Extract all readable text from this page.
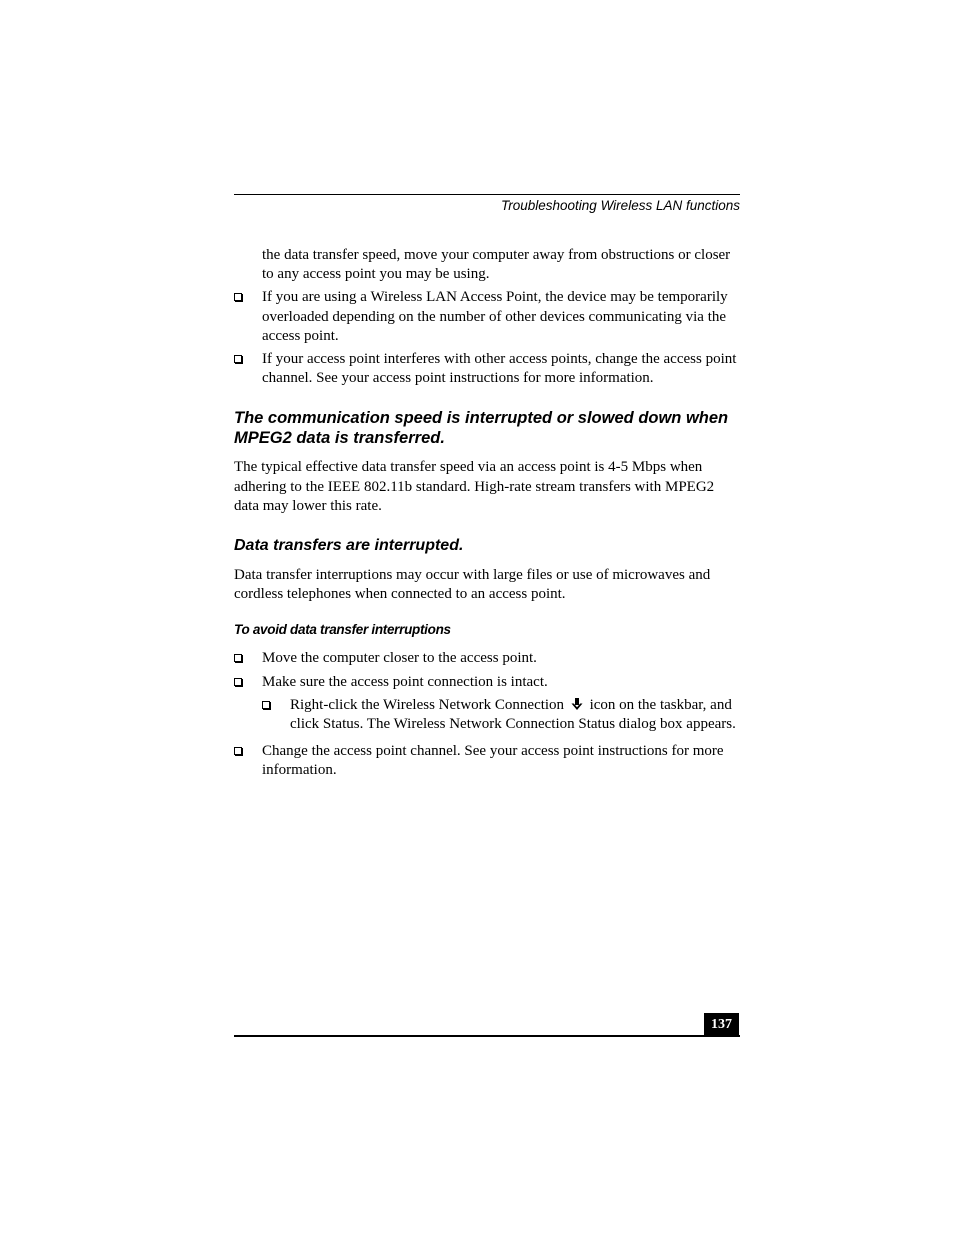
Troubleshooting Wireless LAN functions

the data transfer speed, move your computer away from obstructions or closer to any access point you may be using.

If you are using a Wireless LAN Access Point, the device may be temporarily overloaded depending on the number of other devices communicating via the access point.
If your access point interferes with other access points, change the access point channel. See your access point instructions for more information.
The communication speed is interrupted or slowed down when MPEG2 data is transferred.

The typical effective data transfer speed via an access point is 4-5 Mbps when adhering to the IEEE 802.11b standard. High-rate stream transfers with MPEG2 data may lower this rate.

Data transfers are interrupted.

Data transfer interruptions may occur with large files or use of microwaves and cordless telephones when connected to an access point.

To avoid data transfer interruptions
Move the computer closer to the access point.
Make sure the access point connection is intact.
Right-click the Wireless Network Connection icon on the taskbar, and click Status. The Wireless Network Connection Status dialog box appears.
Change the access point channel. See your access point instructions for more information.
137
